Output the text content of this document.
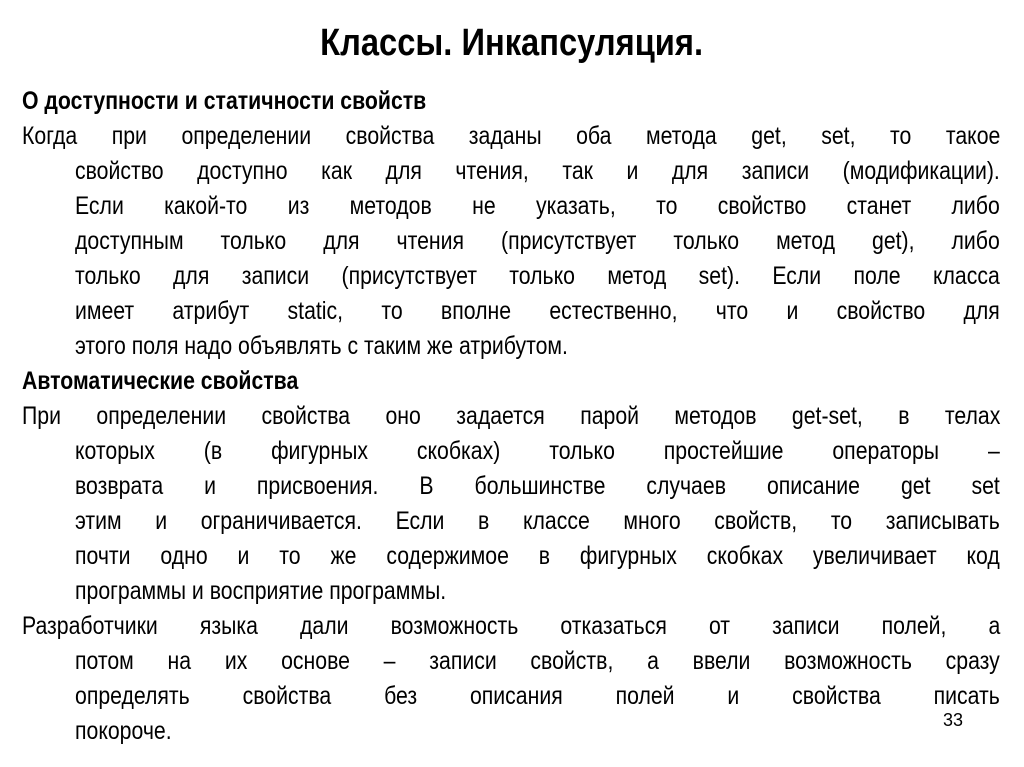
Классы. Инкапсуляция.
О доступности и статичности свойств
Когда при определении свойства заданы оба метода get, set, то такое
свойство доступно как для чтения, так и для записи (модификации).
Если какой-то из методов не указать, то свойство станет либо
доступным только для чтения (присутствует только метод get), либо
только для записи (присутствует только метод set). Если поле класса
имеет атрибут static, то вполне естественно, что и свойство для
этого поля надо объявлять с таким же атрибутом.
Автоматические свойства
При определении свойства оно задается парой методов get-set, в телах
которых (в фигурных скобках) только простейшие операторы –
возврата и присвоения. В большинстве случаев описание get set
этим и ограничивается. Если в классе много свойств, то записывать
почти одно и то же содержимое в фигурных скобках увеличивает код
программы и восприятие программы.
Разработчики языка дали возможность отказаться от записи полей, а
потом на их основе – записи свойств, а ввели возможность сразу
определять свойства без описания полей и свойства писать
покороче.	33
